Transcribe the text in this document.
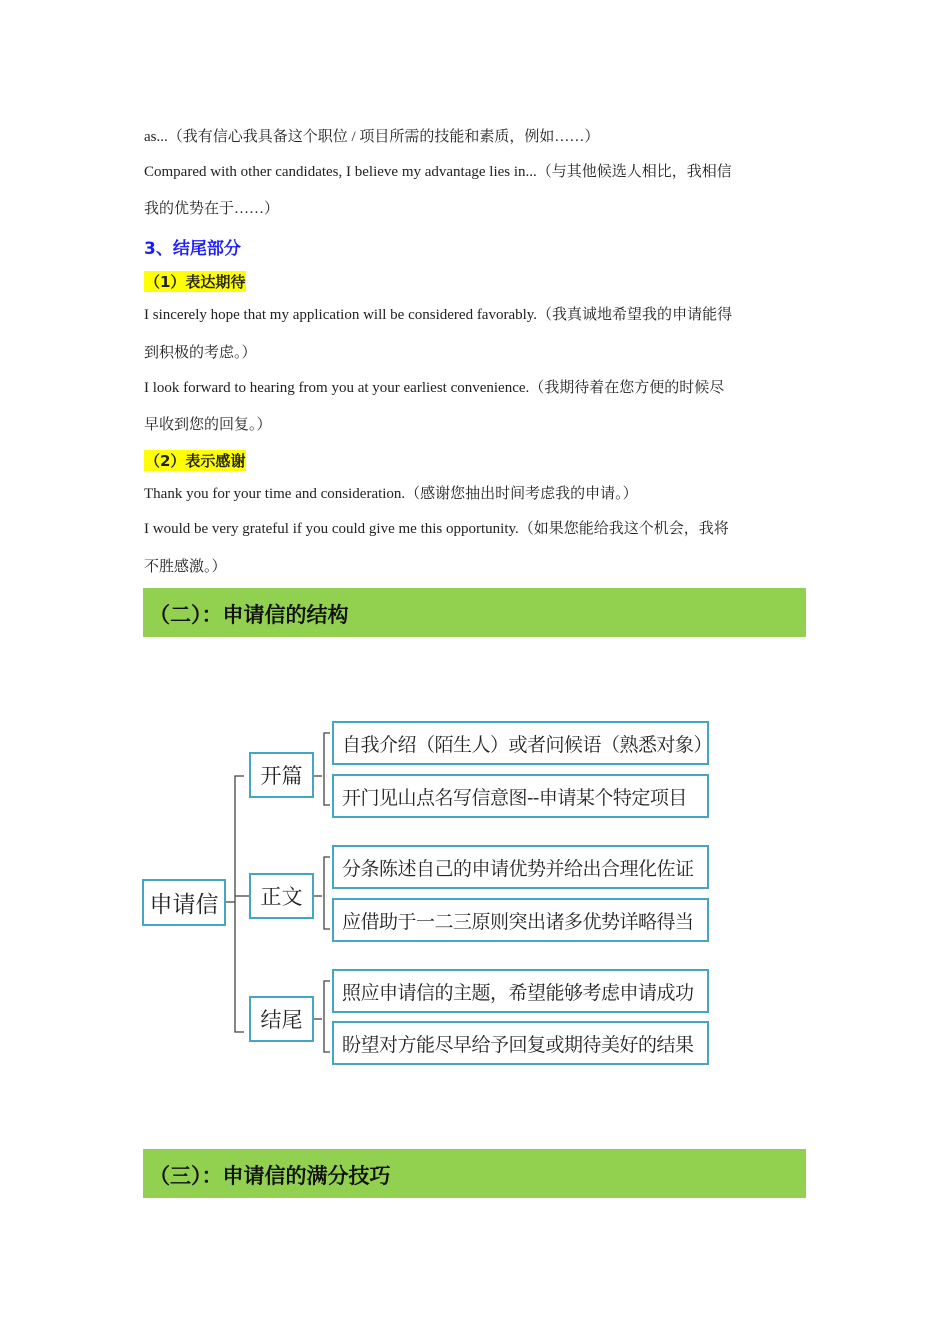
as...（我有信心我具备这个职位 / 项目所需的技能和素质，例如……）
Compared with other candidates, I believe my advantage lies in...（与其他候选人相比，我相信
我的优势在于……）
3、结尾部分
（1）表达期待
I sincerely hope that my application will be considered favorably.（我真诚地希望我的申请能得
到积极的考虑。）
I look forward to hearing from you at your earliest convenience.（我期待着在您方便的时候尽
早收到您的回复。）
（2）表示感谢
Thank you for your time and consideration.（感谢您抽出时间考虑我的申请。）
I would be very grateful if you could give me this opportunity.（如果您能给我这个机会，我将
不胜感激。）
（二）：申请信的结构
申请信
开篇
正文
结尾
自我介绍（陌生人）或者问候语（熟悉对象）
开门见山点名写信意图--申请某个特定项目
分条陈述自己的申请优势并给出合理化佐证
应借助于一二三原则突出诸多优势详略得当
照应申请信的主题，希望能够考虑申请成功
盼望对方能尽早给予回复或期待美好的结果
（三）：申请信的满分技巧
